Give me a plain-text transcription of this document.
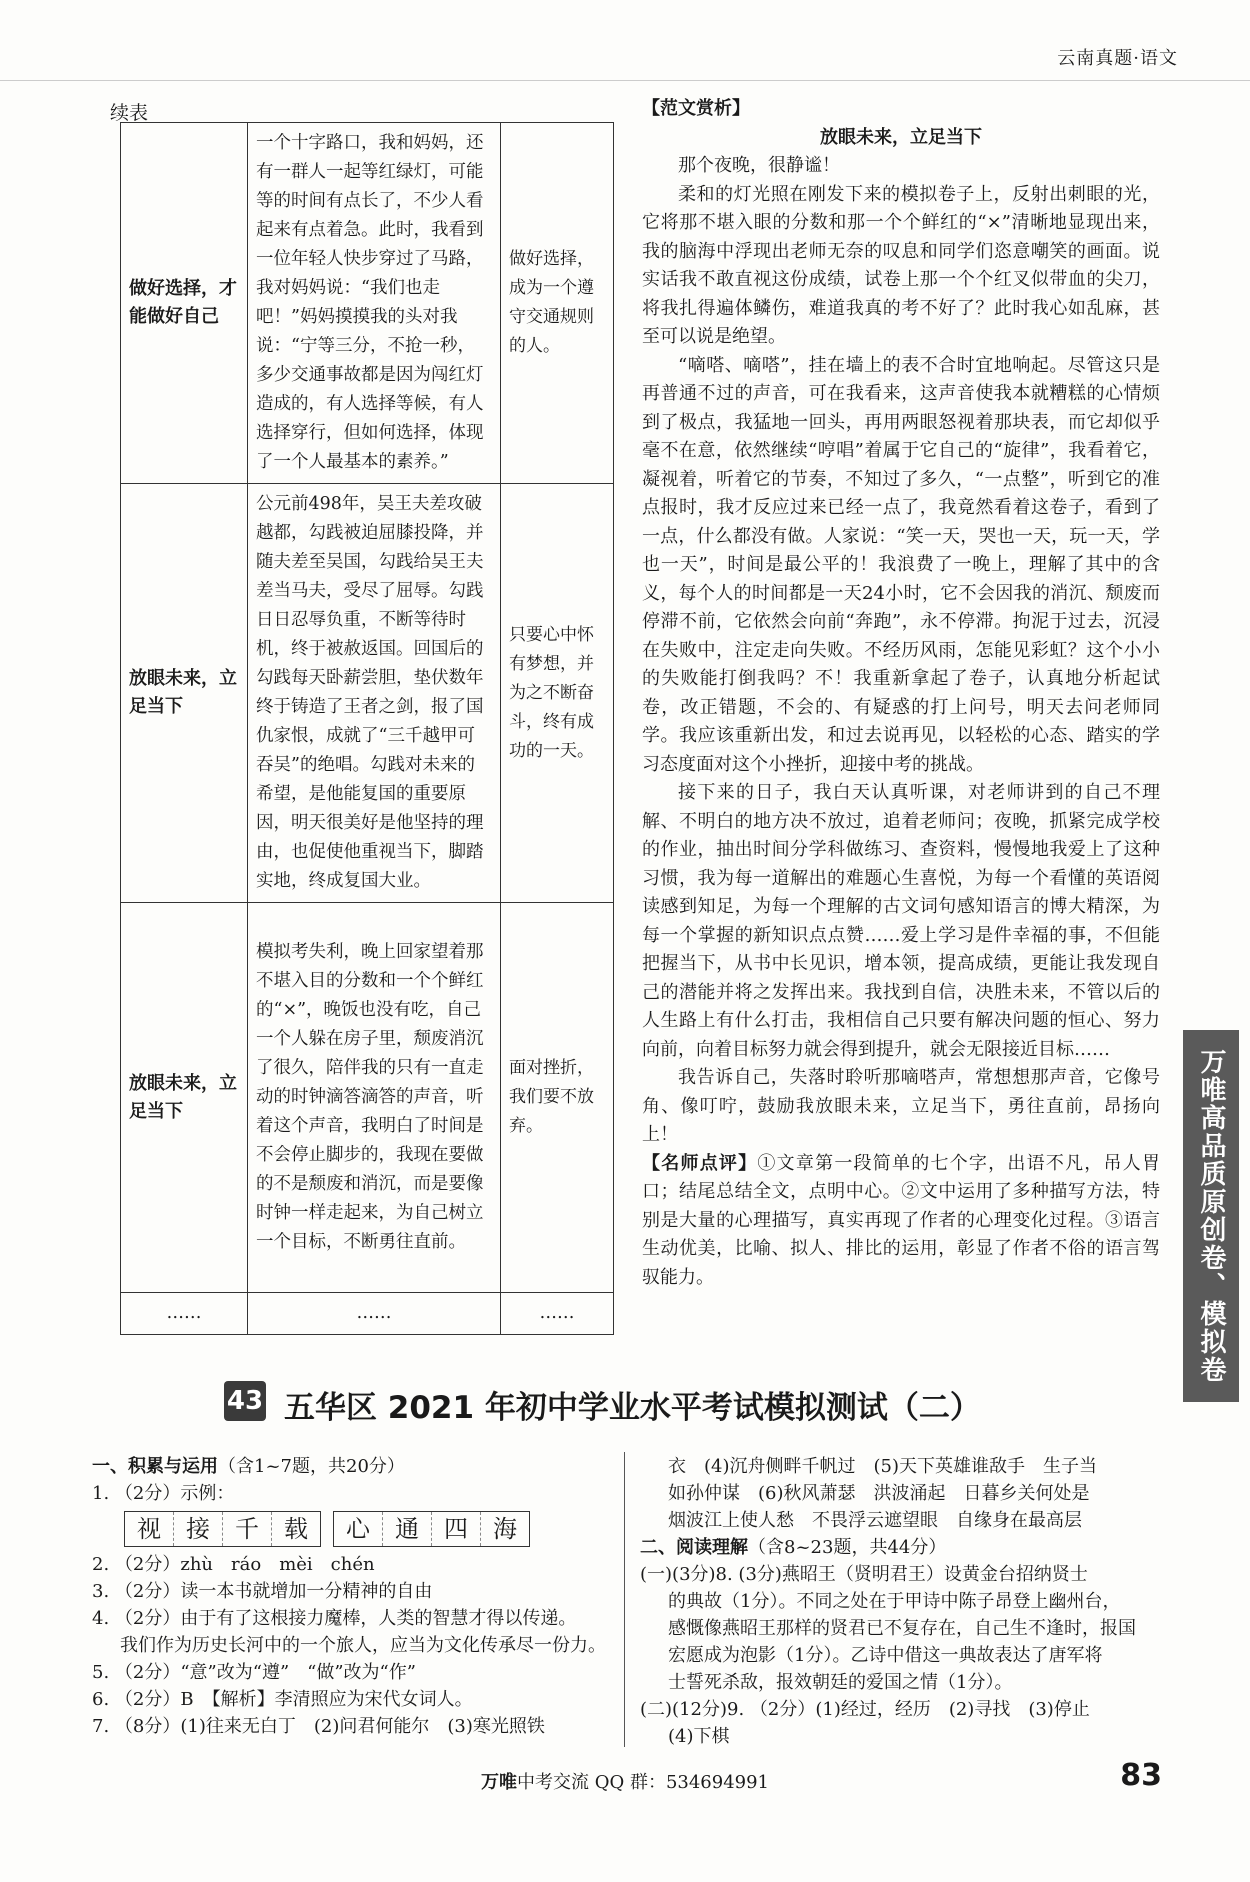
云南真题·语文
续表
做好选择，才能做好自己	一个十字路口，我和妈妈，还有一群人一起等红绿灯，可能等的时间有点长了，不少人看起来有点着急。此时，我看到一位年轻人快步穿过了马路，我对妈妈说：“我们也走吧！”妈妈摸摸我的头对我说：“宁等三分，不抢一秒，多少交通事故都是因为闯红灯造成的，有人选择等候，有人选择穿行，但如何选择，体现了一个人最基本的素养。”	做好选择，成为一个遵守交通规则的人。
放眼未来，立足当下	公元前498年，吴王夫差攻破越都，勾践被迫屈膝投降，并随夫差至吴国，勾践给吴王夫差当马夫，受尽了屈辱。勾践日日忍辱负重，不断等待时机，终于被赦返国。回国后的勾践每天卧薪尝胆，垫伏数年终于铸造了王者之剑，报了国仇家恨，成就了“三千越甲可吞吴”的绝唱。勾践对未来的希望，是他能复国的重要原因，明天很美好是他坚持的理由，也促使他重视当下，脚踏实地，终成复国大业。	只要心中怀有梦想，并为之不断奋斗，终有成功的一天。
放眼未来，立足当下	模拟考失利，晚上回家望着那不堪入目的分数和一个个鲜红的“×”，晚饭也没有吃，自己一个人躲在房子里，颓废消沉了很久，陪伴我的只有一直走动的时钟滴答滴答的声音，听着这个声音，我明白了时间是不会停止脚步的，我现在要做的不是颓废和消沉，而是要像时钟一样走起来，为自己树立一个目标，不断勇往直前。	面对挫折，我们要不放弃。
……	……	……
【范文赏析】

放眼未来，立足当下

那个夜晚，很静谧！

柔和的灯光照在刚发下来的模拟卷子上，反射出刺眼的光，它将那不堪入眼的分数和那一个个鲜红的“×”清晰地显现出来，我的脑海中浮现出老师无奈的叹息和同学们恣意嘲笑的画面。说实话我不敢直视这份成绩，试卷上那一个个红叉似带血的尖刀，将我扎得遍体鳞伤，难道我真的考不好了？此时我心如乱麻，甚至可以说是绝望。

“嘀嗒、嘀嗒”，挂在墙上的表不合时宜地响起。尽管这只是再普通不过的声音，可在我看来，这声音使我本就糟糕的心情烦到了极点，我猛地一回头，再用两眼怒视着那块表，而它却似乎毫不在意，依然继续“哼唱”着属于它自己的“旋律”，我看着它，凝视着，听着它的节奏，不知过了多久，“一点整”，听到它的准点报时，我才反应过来已经一点了，我竟然看着这卷子，看到了一点，什么都没有做。人家说：“笑一天，哭也一天，玩一天，学也一天”，时间是最公平的！我浪费了一晚上，理解了其中的含义，每个人的时间都是一天24小时，它不会因我的消沉、颓废而停滞不前，它依然会向前“奔跑”，永不停滞。拘泥于过去，沉浸在失败中，注定走向失败。不经历风雨，怎能见彩虹？这个小小的失败能打倒我吗？不！我重新拿起了卷子，认真地分析起试卷，改正错题，不会的、有疑惑的打上问号，明天去问老师同学。我应该重新出发，和过去说再见，以轻松的心态、踏实的学习态度面对这个小挫折，迎接中考的挑战。

接下来的日子，我白天认真听课，对老师讲到的自己不理解、不明白的地方决不放过，追着老师问；夜晚，抓紧完成学校的作业，抽出时间分学科做练习、查资料，慢慢地我爱上了这种习惯，我为每一道解出的难题心生喜悦，为每一个看懂的英语阅读感到知足，为每一个理解的古文词句感知语言的博大精深，为每一个掌握的新知识点点赞……爱上学习是件幸福的事，不但能把握当下，从书中长见识，增本领，提高成绩，更能让我发现自己的潜能并将之发挥出来。我找到自信，决胜未来，不管以后的人生路上有什么打击，我相信自己只要有解决问题的恒心、努力向前，向着目标努力就会得到提升，就会无限接近目标……

我告诉自己，失落时聆听那嘀嗒声，常想想那声音，它像号角、像叮咛，鼓励我放眼未来，立足当下，勇往直前，昂扬向上！

【名师点评】①文章第一段简单的七个字，出语不凡，吊人胃口；结尾总结全文，点明中心。②文中运用了多种描写方法，特别是大量的心理描写，真实再现了作者的心理变化过程。③语言生动优美，比喻、拟人、排比的运用，彰显了作者不俗的语言驾驭能力。	万唯高品质原创卷、模拟卷
43 五华区 2021 年初中学业水平考试模拟测试（二）
一、积累与运用（含1~7题，共20分）
1. （2分）示例：
视	接	千	载	心	通	四	海
2. （2分）zhù　ráo　mèi　chén
3. （2分）读一本书就增加一分精神的自由
4. （2分）由于有了这根接力魔棒，人类的智慧才得以传递。
我们作为历史长河中的一个旅人，应当为文化传承尽一份力。
5. （2分）“意”改为“遵”　“做”改为“作”
6. （2分）B　【解析】李清照应为宋代女词人。
7. （8分）(1)往来无白丁　(2)问君何能尔　(3)寒光照铁
衣　(4)沉舟侧畔千帆过　(5)天下英雄谁敌手　生子当
如孙仲谋　(6)秋风萧瑟　洪波涌起　日暮乡关何处是
烟波江上使人愁　不畏浮云遮望眼　自缘身在最高层
二、阅读理解（含8~23题，共44分）
(一)(3分)8. (3分)燕昭王（贤明君王）设黄金台招纳贤士
的典故（1分）。不同之处在于甲诗中陈子昂登上幽州台，
感慨像燕昭王那样的贤君已不复存在，自己生不逢时，报国
宏愿成为泡影（1分）。乙诗中借这一典故表达了唐军将
士誓死杀敌，报效朝廷的爱国之情（1分）。
(二)(12分)9. （2分）(1)经过，经历　(2)寻找　(3)停止
(4)下棋
万唯中考交流 QQ 群：534694991	83
